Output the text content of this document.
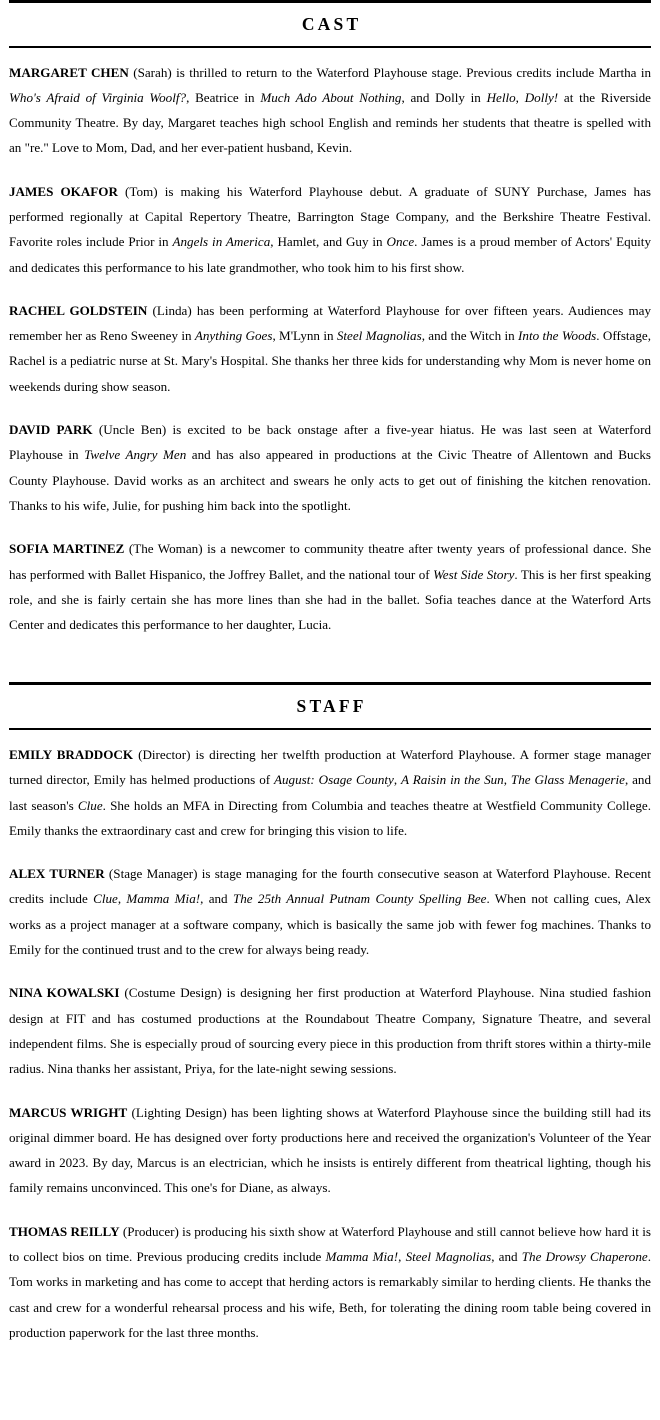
CAST

MARGARET CHEN (Sarah) is thrilled to return to the Waterford Playhouse stage. Previous credits include Martha in Who's Afraid of Virginia Woolf?, Beatrice in Much Ado About Nothing, and Dolly in Hello, Dolly! at the Riverside Community Theatre. By day, Margaret teaches high school English and reminds her students that theatre is spelled with an "re." Love to Mom, Dad, and her ever-patient husband, Kevin.

JAMES OKAFOR (Tom) is making his Waterford Playhouse debut. A graduate of SUNY Purchase, James has performed regionally at Capital Repertory Theatre, Barrington Stage Company, and the Berkshire Theatre Festival. Favorite roles include Prior in Angels in America, Hamlet, and Guy in Once. James is a proud member of Actors' Equity and dedicates this performance to his late grandmother, who took him to his first show.

RACHEL GOLDSTEIN (Linda) has been performing at Waterford Playhouse for over fifteen years. Audiences may remember her as Reno Sweeney in Anything Goes, M'Lynn in Steel Magnolias, and the Witch in Into the Woods. Offstage, Rachel is a pediatric nurse at St. Mary's Hospital. She thanks her three kids for understanding why Mom is never home on weekends during show season.

DAVID PARK (Uncle Ben) is excited to be back onstage after a five-year hiatus. He was last seen at Waterford Playhouse in Twelve Angry Men and has also appeared in productions at the Civic Theatre of Allentown and Bucks County Playhouse. David works as an architect and swears he only acts to get out of finishing the kitchen renovation. Thanks to his wife, Julie, for pushing him back into the spotlight.

SOFIA MARTINEZ (The Woman) is a newcomer to community theatre after twenty years of professional dance. She has performed with Ballet Hispanico, the Joffrey Ballet, and the national tour of West Side Story. This is her first speaking role, and she is fairly certain she has more lines than she had in the ballet. Sofia teaches dance at the Waterford Arts Center and dedicates this performance to her daughter, Lucia.

STAFF

EMILY BRADDOCK (Director) is directing her twelfth production at Waterford Playhouse. A former stage manager turned director, Emily has helmed productions of August: Osage County, A Raisin in the Sun, The Glass Menagerie, and last season's Clue. She holds an MFA in Directing from Columbia and teaches theatre at Westfield Community College. Emily thanks the extraordinary cast and crew for bringing this vision to life.

ALEX TURNER (Stage Manager) is stage managing for the fourth consecutive season at Waterford Playhouse. Recent credits include Clue, Mamma Mia!, and The 25th Annual Putnam County Spelling Bee. When not calling cues, Alex works as a project manager at a software company, which is basically the same job with fewer fog machines. Thanks to Emily for the continued trust and to the crew for always being ready.

NINA KOWALSKI (Costume Design) is designing her first production at Waterford Playhouse. Nina studied fashion design at FIT and has costumed productions at the Roundabout Theatre Company, Signature Theatre, and several independent films. She is especially proud of sourcing every piece in this production from thrift stores within a thirty-mile radius. Nina thanks her assistant, Priya, for the late-night sewing sessions.

MARCUS WRIGHT (Lighting Design) has been lighting shows at Waterford Playhouse since the building still had its original dimmer board. He has designed over forty productions here and received the organization's Volunteer of the Year award in 2023. By day, Marcus is an electrician, which he insists is entirely different from theatrical lighting, though his family remains unconvinced. This one's for Diane, as always.

THOMAS REILLY (Producer) is producing his sixth show at Waterford Playhouse and still cannot believe how hard it is to collect bios on time. Previous producing credits include Mamma Mia!, Steel Magnolias, and The Drowsy Chaperone. Tom works in marketing and has come to accept that herding actors is remarkably similar to herding clients. He thanks the cast and crew for a wonderful rehearsal process and his wife, Beth, for tolerating the dining room table being covered in production paperwork for the last three months.
